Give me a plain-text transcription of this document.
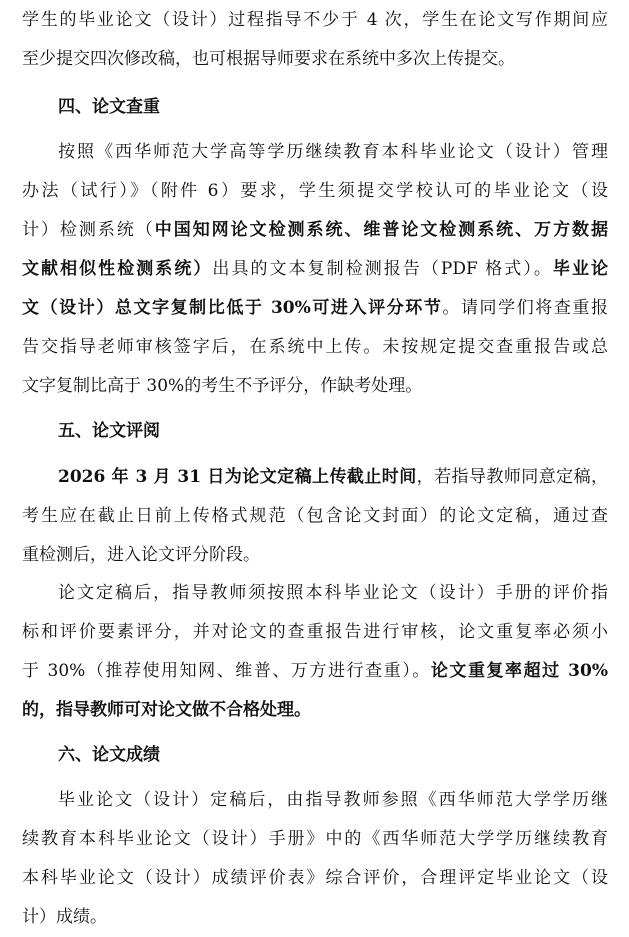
学生的毕业论文（设计）过程指导不少于 4 次，学生在论文写作期间应
至少提交四次修改稿，也可根据导师要求在系统中多次上传提交。
四、论文查重
按照《西华师范大学高等学历继续教育本科毕业论文（设计）管理
办法（试行）》（附件 6）要求，学生须提交学校认可的毕业论文（设
计）检测系统（中国知网论文检测系统、维普论文检测系统、万方数据
文献相似性检测系统）出具的文本复制检测报告（PDF 格式）。毕业论
文（设计）总文字复制比低于 30%可进入评分环节。请同学们将查重报
告交指导老师审核签字后，在系统中上传。未按规定提交查重报告或总
文字复制比高于 30%的考生不予评分，作缺考处理。
五、论文评阅
2026 年 3 月 31 日为论文定稿上传截止时间，若指导教师同意定稿，
考生应在截止日前上传格式规范（包含论文封面）的论文定稿，通过查
重检测后，进入论文评分阶段。
论文定稿后，指导教师须按照本科毕业论文（设计）手册的评价指
标和评价要素评分，并对论文的查重报告进行审核，论文重复率必须小
于 30%（推荐使用知网、维普、万方进行查重）。论文重复率超过 30%
的，指导教师可对论文做不合格处理。
六、论文成绩
毕业论文（设计）定稿后，由指导教师参照《西华师范大学学历继
续教育本科毕业论文（设计）手册》中的《西华师范大学学历继续教育
本科毕业论文（设计）成绩评价表》综合评价，合理评定毕业论文（设
计）成绩。
